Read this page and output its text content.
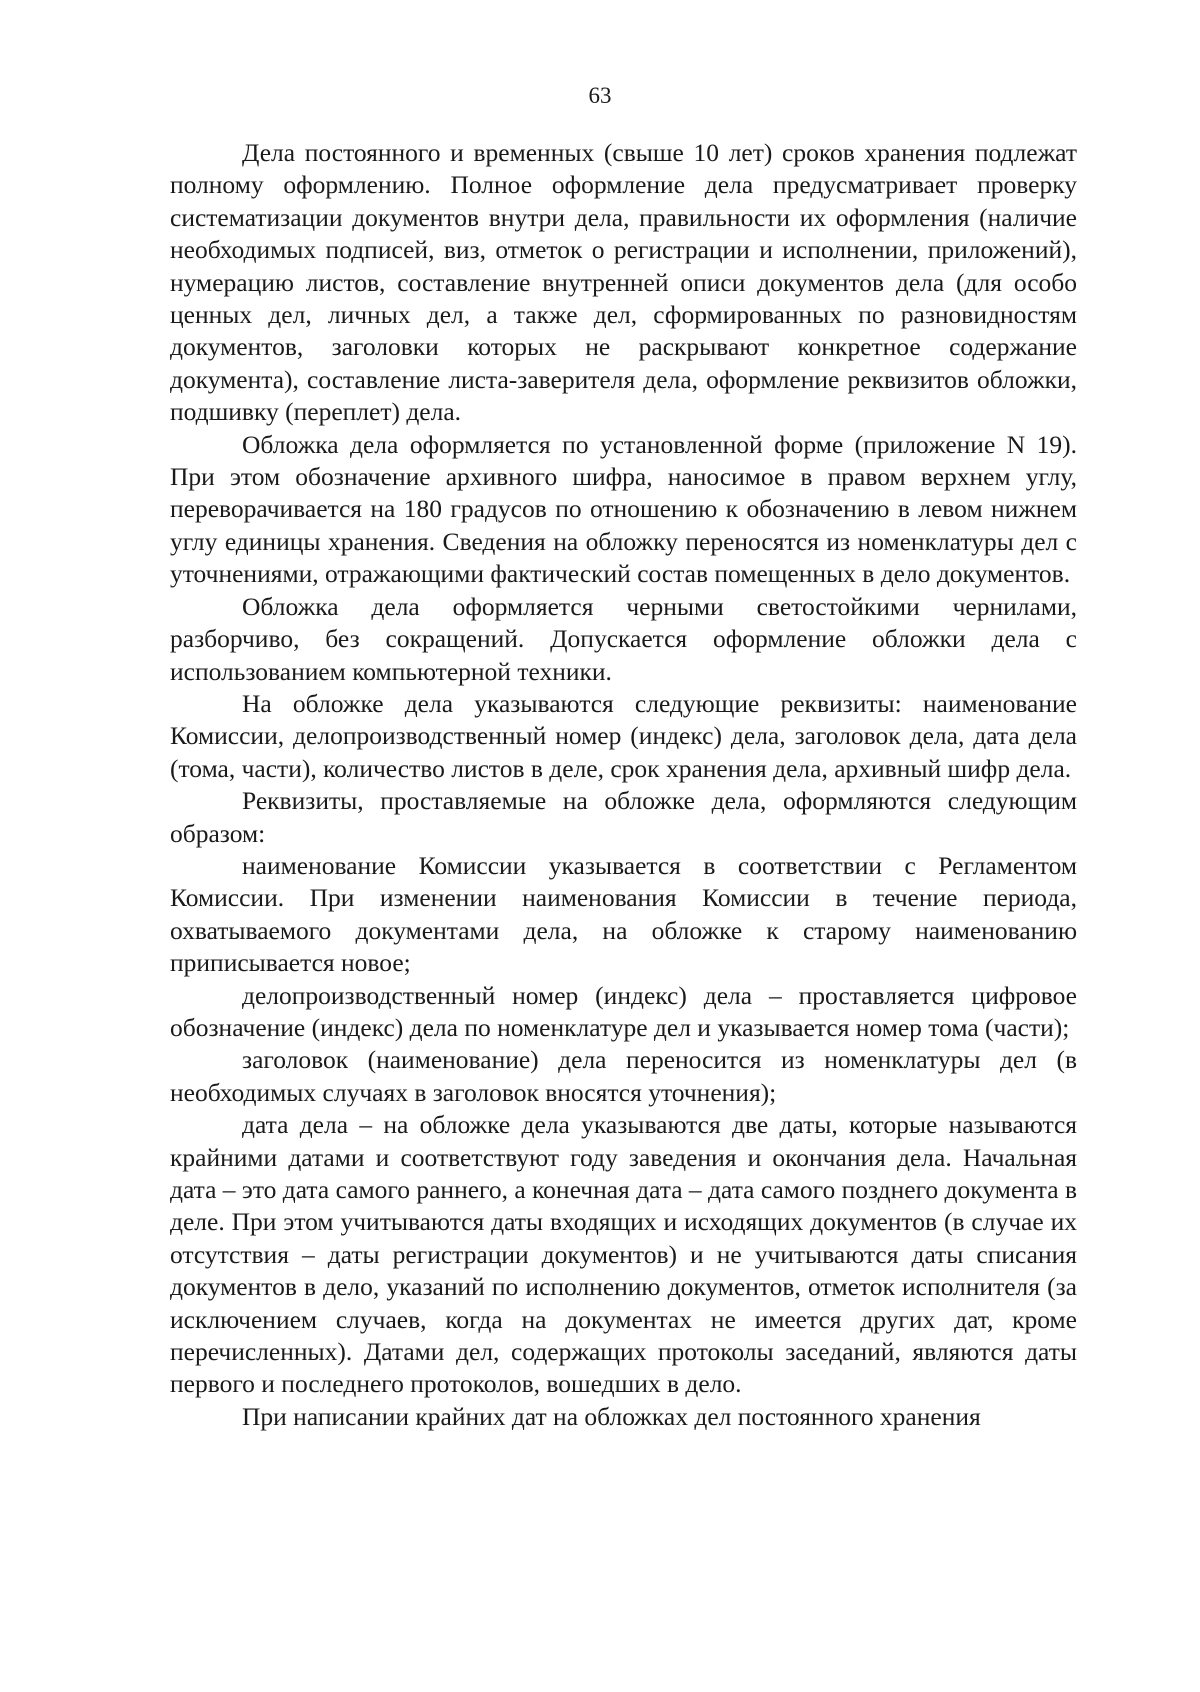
63

Дела постоянного и временных (свыше 10 лет) сроков хранения подлежат полному оформлению. Полное оформление дела предусматривает проверку систематизации документов внутри дела, правильности их оформления (наличие необходимых подписей, виз, отметок о регистрации и исполнении, приложений), нумерацию листов, составление внутренней описи документов дела (для особо ценных дел, личных дел, а также дел, сформированных по разновидностям документов, заголовки которых не раскрывают конкретное содержание документа), составление листа-заверителя дела, оформление реквизитов обложки, подшивку (переплет) дела.

Обложка дела оформляется по установленной форме (приложение N 19). При этом обозначение архивного шифра, наносимое в правом верхнем углу, переворачивается на 180 градусов по отношению к обозначению в левом нижнем углу единицы хранения. Сведения на обложку переносятся из номенклатуры дел с уточнениями, отражающими фактический состав помещенных в дело документов.

Обложка дела оформляется черными светостойкими чернилами, разборчиво, без сокращений. Допускается оформление обложки дела с использованием компьютерной техники.

На обложке дела указываются следующие реквизиты: наименование Комиссии, делопроизводственный номер (индекс) дела, заголовок дела, дата дела (тома, части), количество листов в деле, срок хранения дела, архивный шифр дела.

Реквизиты, проставляемые на обложке дела, оформляются следующим образом:

наименование Комиссии указывается в соответствии с Регламентом Комиссии. При изменении наименования Комиссии в течение периода, охватываемого документами дела, на обложке к старому наименованию приписывается новое;

делопроизводственный номер (индекс) дела – проставляется цифровое обозначение (индекс) дела по номенклатуре дел и указывается номер тома (части);

заголовок (наименование) дела переносится из номенклатуры дел (в необходимых случаях в заголовок вносятся уточнения);

дата дела – на обложке дела указываются две даты, которые называются крайними датами и соответствуют году заведения и окончания дела. Начальная дата – это дата самого раннего, а конечная дата – дата самого позднего документа в деле. При этом учитываются даты входящих и исходящих документов (в случае их отсутствия – даты регистрации документов) и не учитываются даты списания документов в дело, указаний по исполнению документов, отметок исполнителя (за исключением случаев, когда на документах не имеется других дат, кроме перечисленных). Датами дел, содержащих протоколы заседаний, являются даты первого и последнего протоколов, вошедших в дело.

При написании крайних дат на обложках дел постоянного хранения
